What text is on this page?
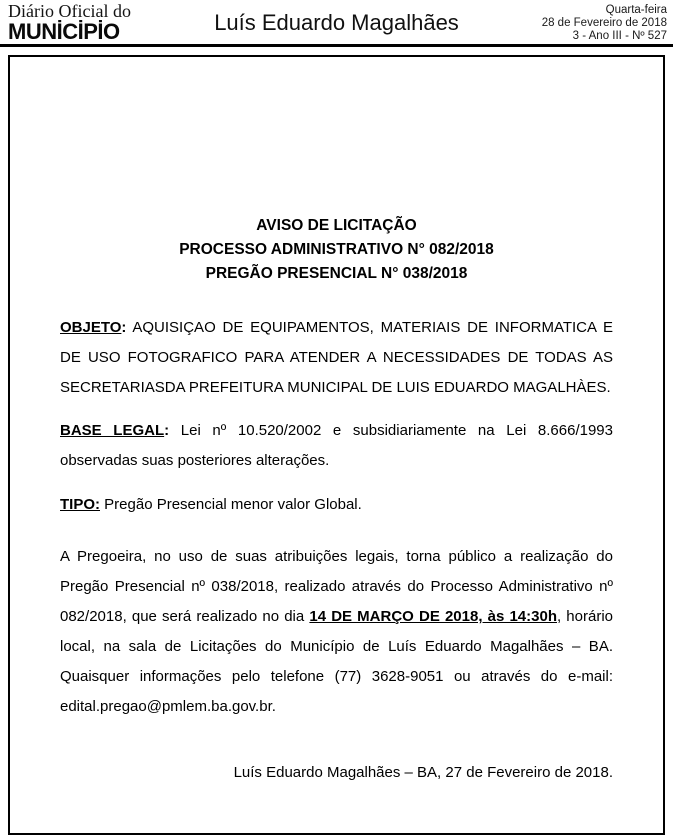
Diário Oficial do
MUNİCİPİO	Luís Eduardo Magalhães	Quarta-feira
28 de Fevereiro de 2018
3 - Ano III - Nº 527
AVISO DE LICITAÇÃO
PROCESSO ADMINISTRATIVO N° 082/2018
PREGÃO PRESENCIAL N° 038/2018

OBJETO: AQUISIÇAO DE EQUIPAMENTOS, MATERIAIS DE INFORMATICA E DE USO FOTOGRAFICO PARA ATENDER A NECESSIDADES DE TODAS AS SECRETARIASDA PREFEITURA MUNICIPAL DE LUIS EDUARDO MAGALHÀES.

BASE LEGAL: Lei nº 10.520/2002 e subsidiariamente na Lei 8.666/1993 observadas suas posteriores alterações.

TIPO: Pregão Presencial menor valor Global.

A Pregoeira, no uso de suas atribuições legais, torna público a realização do Pregão Presencial nº 038/2018, realizado através do Processo Administrativo nº 082/2018, que será realizado no dia 14 DE MARÇO DE 2018, às 14:30h, horário local, na sala de Licitações do Município de Luís Eduardo Magalhães – BA. Quaisquer informações pelo telefone (77) 3628-9051 ou através do e-mail: edital.pregao@pmlem.ba.gov.br.

Luís Eduardo Magalhães – BA, 27 de Fevereiro de 2018.
